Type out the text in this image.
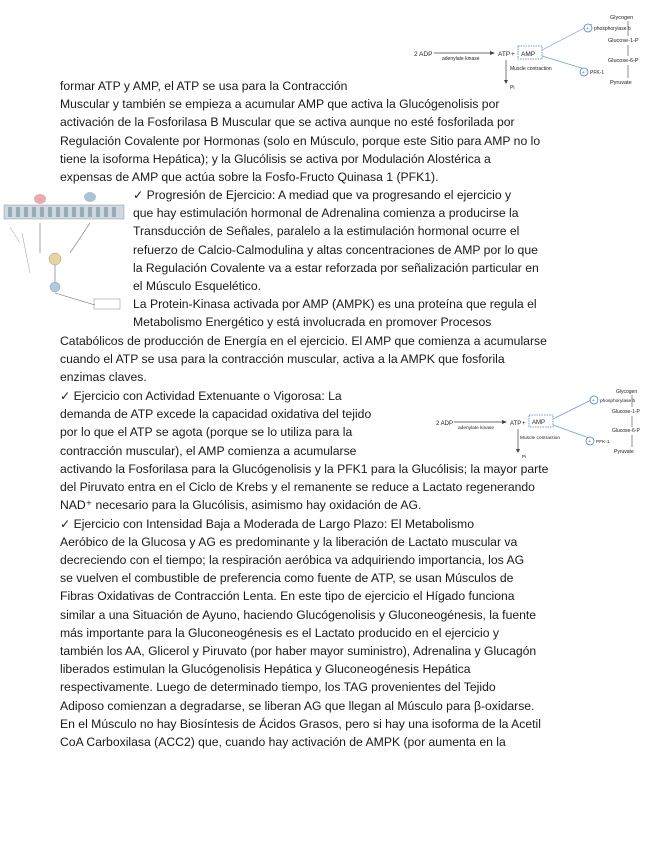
2 ADP
adenylate kinase
ATP + AMP
Muscle contraction
Pi
+ phosphorylase b
Glycogen
Glucose-1-P
Glucose-6-P
+ PFK-1
Pyruvate
2 ADP
adenylate kinase
ATP + AMP
Muscle contraction
Pi
+ phosphorylase b
Glycogen
Glucose-1-P
Glucose-6-P
+ PFK-1
Pyruvate
formar ATP y AMP, el ATP se usa para la Contracción
Muscular y también se empieza a acumular AMP que activa la Glucógenolisis por
activación de la Fosforilasa B Muscular que se activa aunque no esté fosforilada por
Regulación Covalente por Hormonas (solo en Músculo, porque este Sitio para AMP no lo
tiene la isoforma Hepática); y la Glucólisis se activa por Modulación Alostérica a
expensas de AMP que actúa sobre la Fosfo-Fructo Quinasa 1 (PFK1).
✓ Progresión de Ejercicio: A mediad que va progresando el ejercicio y
que hay estimulación hormonal de Adrenalina comienza a producirse la
Transducción de Señales, paralelo a la estimulación hormonal ocurre el
refuerzo de Calcio-Calmodulina y altas concentraciones de AMP por lo que
la Regulación Covalente va a estar reforzada por señalización particular en
el Músculo Esquelético.
La Protein-Kinasa activada por AMP (AMPK) es una proteína que regula el
Metabolismo Energético y está involucrada en promover Procesos
Catabólicos de producción de Energía en el ejercicio. El AMP que comienza a acumularse
cuando el ATP se usa para la contracción muscular, activa a la AMPK que fosforila
enzimas claves.
✓ Ejercicio con Actividad Extenuante o Vigorosa: La
demanda de ATP excede la capacidad oxidativa del tejido
por lo que el ATP se agota (porque se lo utiliza para la
contracción muscular), el AMP comienza a acumularse
activando la Fosforilasa para la Glucógenolisis y la PFK1 para la Glucólisis; la mayor parte
del Piruvato entra en el Ciclo de Krebs y el remanente se reduce a Lactato regenerando
NAD⁺ necesario para la Glucólisis, asimismo hay oxidación de AG.
✓ Ejercicio con Intensidad Baja a Moderada de Largo Plazo: El Metabolismo
Aeróbico de la Glucosa y AG es predominante y la liberación de Lactato muscular va
decreciendo con el tiempo; la respiración aeróbica va adquiriendo importancia, los AG
se vuelven el combustible de preferencia como fuente de ATP, se usan Músculos de
Fibras Oxidativas de Contracción Lenta. En este tipo de ejercicio el Hígado funciona
similar a una Situación de Ayuno, haciendo Glucógenolisis y Gluconeogénesis, la fuente
más importante para la Gluconeogénesis es el Lactato producido en el ejercicio y
también los AA, Glicerol y Piruvato (por haber mayor suministro), Adrenalina y Glucagón
liberados estimulan la Glucógenolisis Hepática y Gluconeogénesis Hepática
respectivamente. Luego de determinado tiempo, los TAG provenientes del Tejido
Adiposo comienzan a degradarse, se liberan AG que llegan al Músculo para β-oxidarse.
En el Músculo no hay Biosíntesis de Ácidos Grasos, pero si hay una isoforma de la Acetil
CoA Carboxilasa (ACC2) que, cuando hay activación de AMPK (por aumenta en la
